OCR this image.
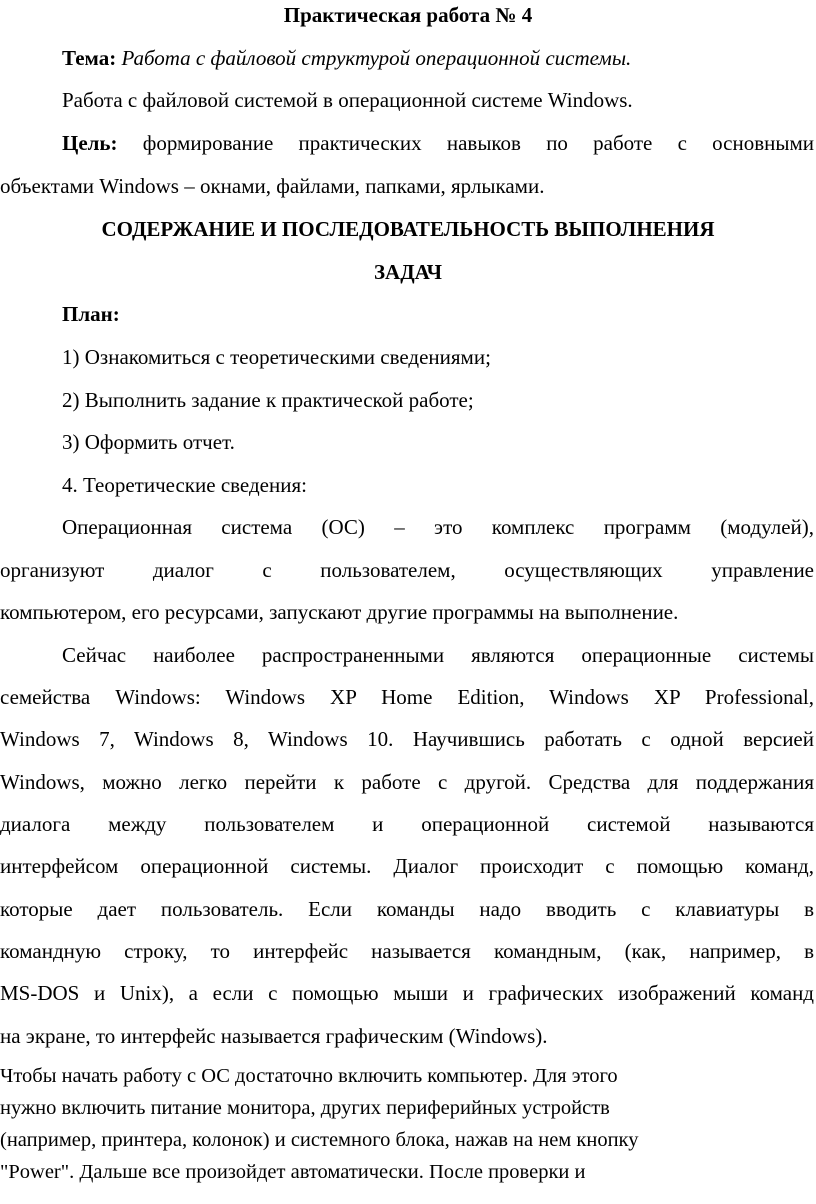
Практическая работа № 4
Тема: Работа с файловой структурой операционной системы.
Работа с файловой системой в операционной системе Windows.
Цель: формирование практических навыков по работе с основными
объектами Windows – окнами, файлами, папками, ярлыками.
СОДЕРЖАНИЕ И ПОСЛЕДОВАТЕЛЬНОСТЬ ВЫПОЛНЕНИЯ
ЗАДАЧ
План:
1) Ознакомиться с теоретическими сведениями;
2) Выполнить задание к практической работе;
3) Оформить отчет.
4. Теоретические сведения:
Операционная система (ОС) – это комплекс программ (модулей),
организуют диалог с пользователем, осуществляющих управление
компьютером, его ресурсами, запускают другие программы на выполнение.
Сейчас наиболее распространенными являются операционные системы
семейства Windows: Windows XP Home Edition, Windows XP Professional,
Windows 7, Windows 8, Windows 10. Научившись работать с одной версией
Windows, можно легко перейти к работе с другой. Средства для поддержания
диалога между пользователем и операционной системой называются
интерфейсом операционной системы. Диалог происходит с помощью команд,
которые дает пользователь. Если команды надо вводить с клавиатуры в
командную строку, то интерфейс называется командным, (как, например, в
MS-DOS и Unix), а если с помощью мыши и графических изображений команд
на экране, то интерфейс называется графическим (Windows).
Чтобы начать работу с ОС достаточно включить компьютер. Для этого
нужно включить питание монитора, других периферийных устройств
(например, принтера, колонок) и системного блока, нажав на нем кнопку
"Power". Дальше все произойдет автоматически. После проверки и
